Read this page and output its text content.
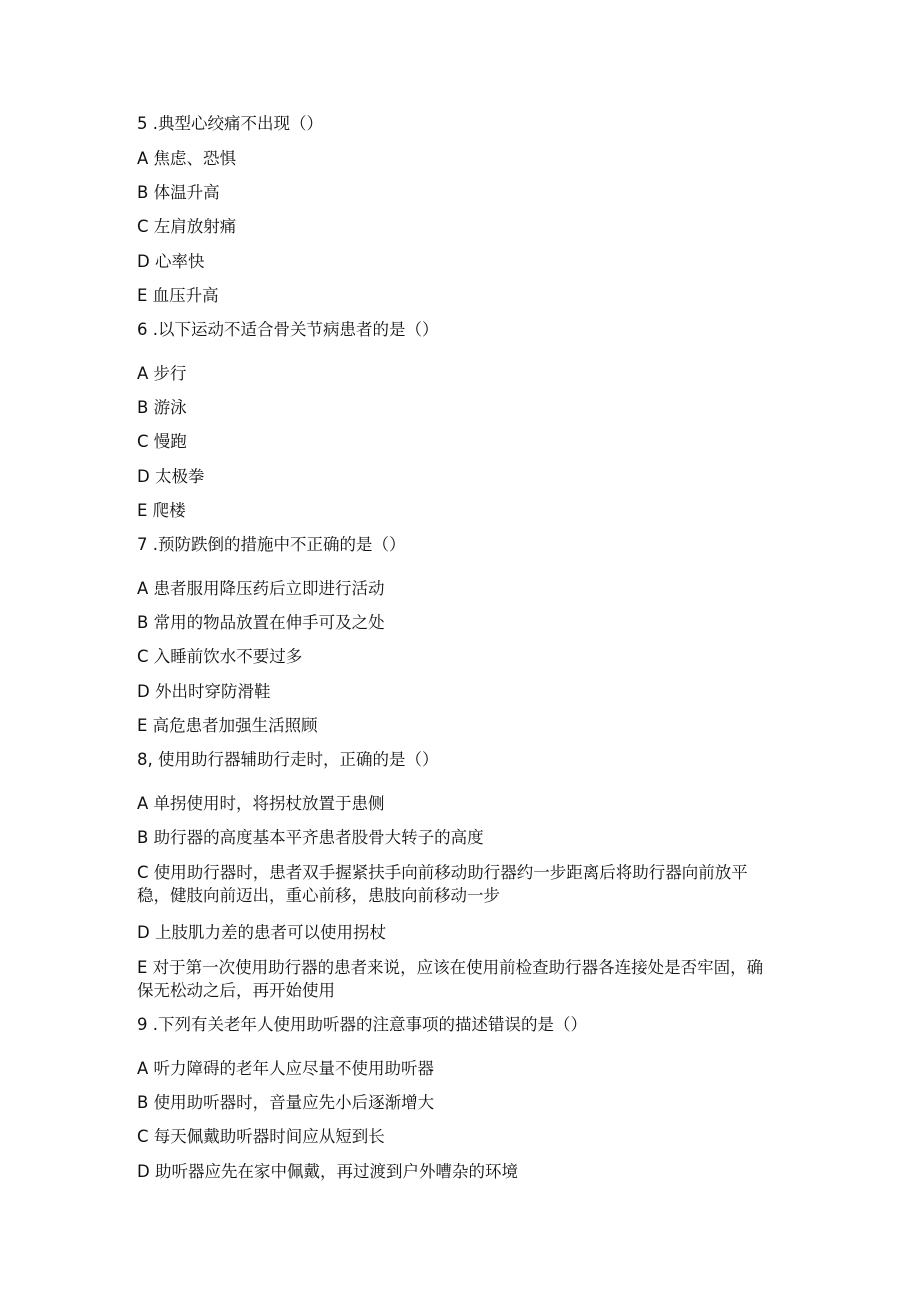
5 .典型心绞痛不出现（）
A 焦虑、恐惧
B 体温升高
C 左肩放射痛
D 心率快
E 血压升高
6 .以下运动不适合骨关节病患者的是（）
A 步行
B 游泳
C 慢跑
D 太极拳
E 爬楼
7 .预防跌倒的措施中不正确的是（）
A 患者服用降压药后立即进行活动
B 常用的物品放置在伸手可及之处
C 入睡前饮水不要过多
D 外出时穿防滑鞋
E 高危患者加强生活照顾
8, 使用助行器辅助行走时，正确的是（）
A 单拐使用时，将拐杖放置于患侧
B 助行器的高度基本平齐患者股骨大转子的高度
C 使用助行器时，患者双手握紧扶手向前移动助行器约一步距离后将助行器向前放平稳，健肢向前迈出，重心前移，患肢向前移动一步
D 上肢肌力差的患者可以使用拐杖
E 对于第一次使用助行器的患者来说，应该在使用前检查助行器各连接处是否牢固，确保无松动之后，再开始使用
9 .下列有关老年人使用助听器的注意事项的描述错误的是（）
A 听力障碍的老年人应尽量不使用助听器
B 使用助听器时，音量应先小后逐渐增大
C 每天佩戴助听器时间应从短到长
D 助听器应先在家中佩戴，再过渡到户外嘈杂的环境
